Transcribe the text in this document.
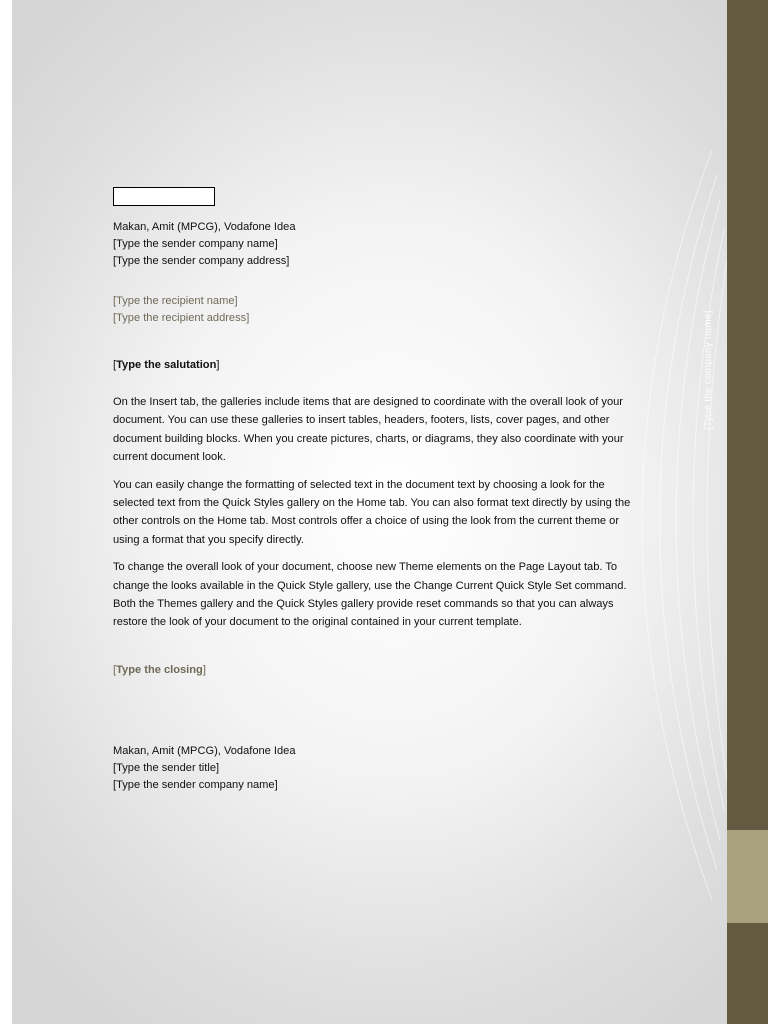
[Type the company name]
Makan, Amit (MPCG), Vodafone Idea
[Type the sender company name]
[Type the sender company address]
[Type the recipient name]
[Type the recipient address]
[Type the salutation]

On the Insert tab, the galleries include items that are designed to coordinate with the overall look of your document. You can use these galleries to insert tables, headers, footers, lists, cover pages, and other document building blocks. When you create pictures, charts, or diagrams, they also coordinate with your current document look.

You can easily change the formatting of selected text in the document text by choosing a look for the selected text from the Quick Styles gallery on the Home tab. You can also format text directly by using the other controls on the Home tab. Most controls offer a choice of using the look from the current theme or using a format that you specify directly.

To change the overall look of your document, choose new Theme elements on the Page Layout tab. To change the looks available in the Quick Style gallery, use the Change Current Quick Style Set command. Both the Themes gallery and the Quick Styles gallery provide reset commands so that you can always restore the look of your document to the original contained in your current template.

[Type the closing]
Makan, Amit (MPCG), Vodafone Idea
[Type the sender title]
[Type the sender company name]
